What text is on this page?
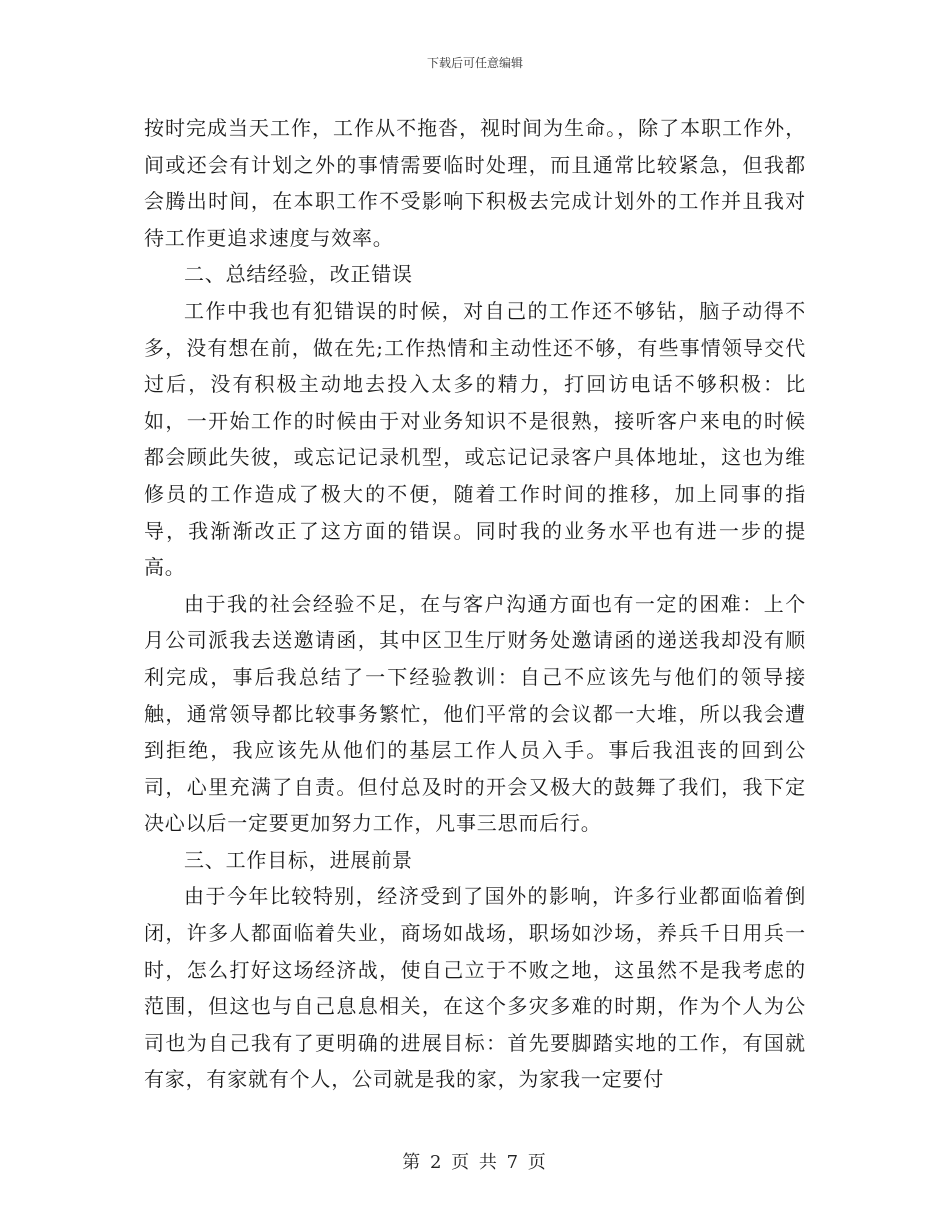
下载后可任意编辑

按时完成当天工作，工作从不拖沓，视时间为生命。，除了本职工作外，间或还会有计划之外的事情需要临时处理，而且通常比较紧急，但我都会腾出时间，在本职工作不受影响下积极去完成计划外的工作并且我对待工作更追求速度与效率。

二、总结经验，改正错误

工作中我也有犯错误的时候，对自己的工作还不够钻，脑子动得不多，没有想在前，做在先;工作热情和主动性还不够，有些事情领导交代过后，没有积极主动地去投入太多的精力，打回访电话不够积极：比如，一开始工作的时候由于对业务知识不是很熟，接听客户来电的时候都会顾此失彼，或忘记记录机型，或忘记记录客户具体地址，这也为维修员的工作造成了极大的不便，随着工作时间的推移，加上同事的指导，我渐渐改正了这方面的错误。同时我的业务水平也有进一步的提高。

由于我的社会经验不足，在与客户沟通方面也有一定的困难：上个月公司派我去送邀请函，其中区卫生厅财务处邀请函的递送我却没有顺利完成，事后我总结了一下经验教训：自己不应该先与他们的领导接触，通常领导都比较事务繁忙，他们平常的会议都一大堆，所以我会遭到拒绝，我应该先从他们的基层工作人员入手。事后我沮丧的回到公司，心里充满了自责。但付总及时的开会又极大的鼓舞了我们，我下定决心以后一定要更加努力工作，凡事三思而后行。

三、工作目标，进展前景

由于今年比较特别，经济受到了国外的影响，许多行业都面临着倒闭，许多人都面临着失业，商场如战场，职场如沙场，养兵千日用兵一时，怎么打好这场经济战，使自己立于不败之地，这虽然不是我考虑的范围，但这也与自己息息相关，在这个多灾多难的时期，作为个人为公司也为自己我有了更明确的进展目标：首先要脚踏实地的工作，有国就有家，有家就有个人，公司就是我的家，为家我一定要付

第 2 页 共 7 页
